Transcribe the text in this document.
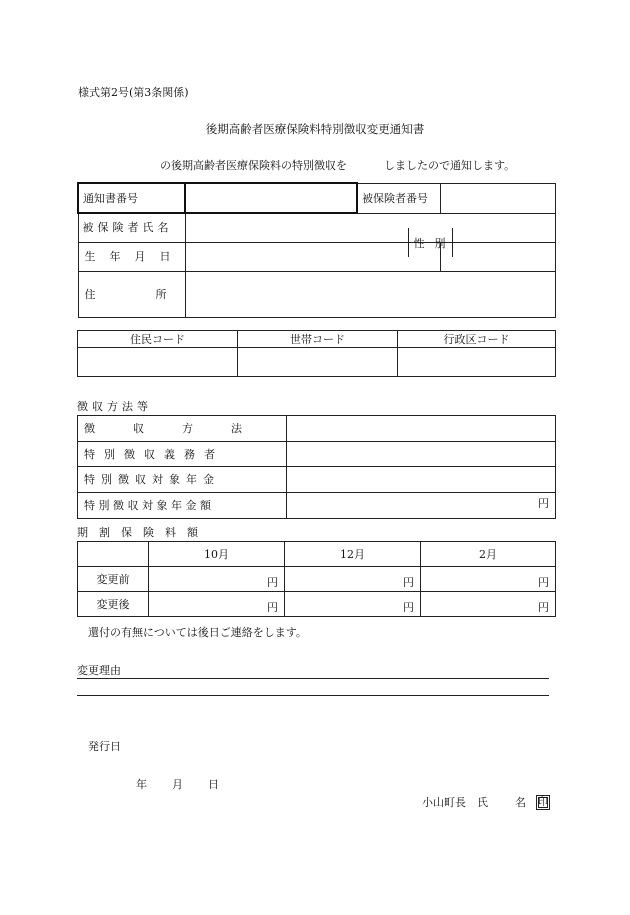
様式第2号(第3条関係)
後期高齢者医療保険料特別徴収変更通知書
の後期高齢者医療保険料の特別徴収を	しましたので通知します。
通知書番号		被保険者番号	
被保険者氏名			
生年月日	性別		

住所			

住民コード	世帯コード	行政区コード

徴収方法等
徴収方法	

特別徴収義務者	
特別徴収対象年金	
特別徴収対象年金額	円
期割保険料額
	10月	12月	2月
変更前	円	円	円
変更後	円	円	円
還付の有無については後日ご連絡をします。
変更理由
発行日
年 月 日
小山町長 氏 名 印
